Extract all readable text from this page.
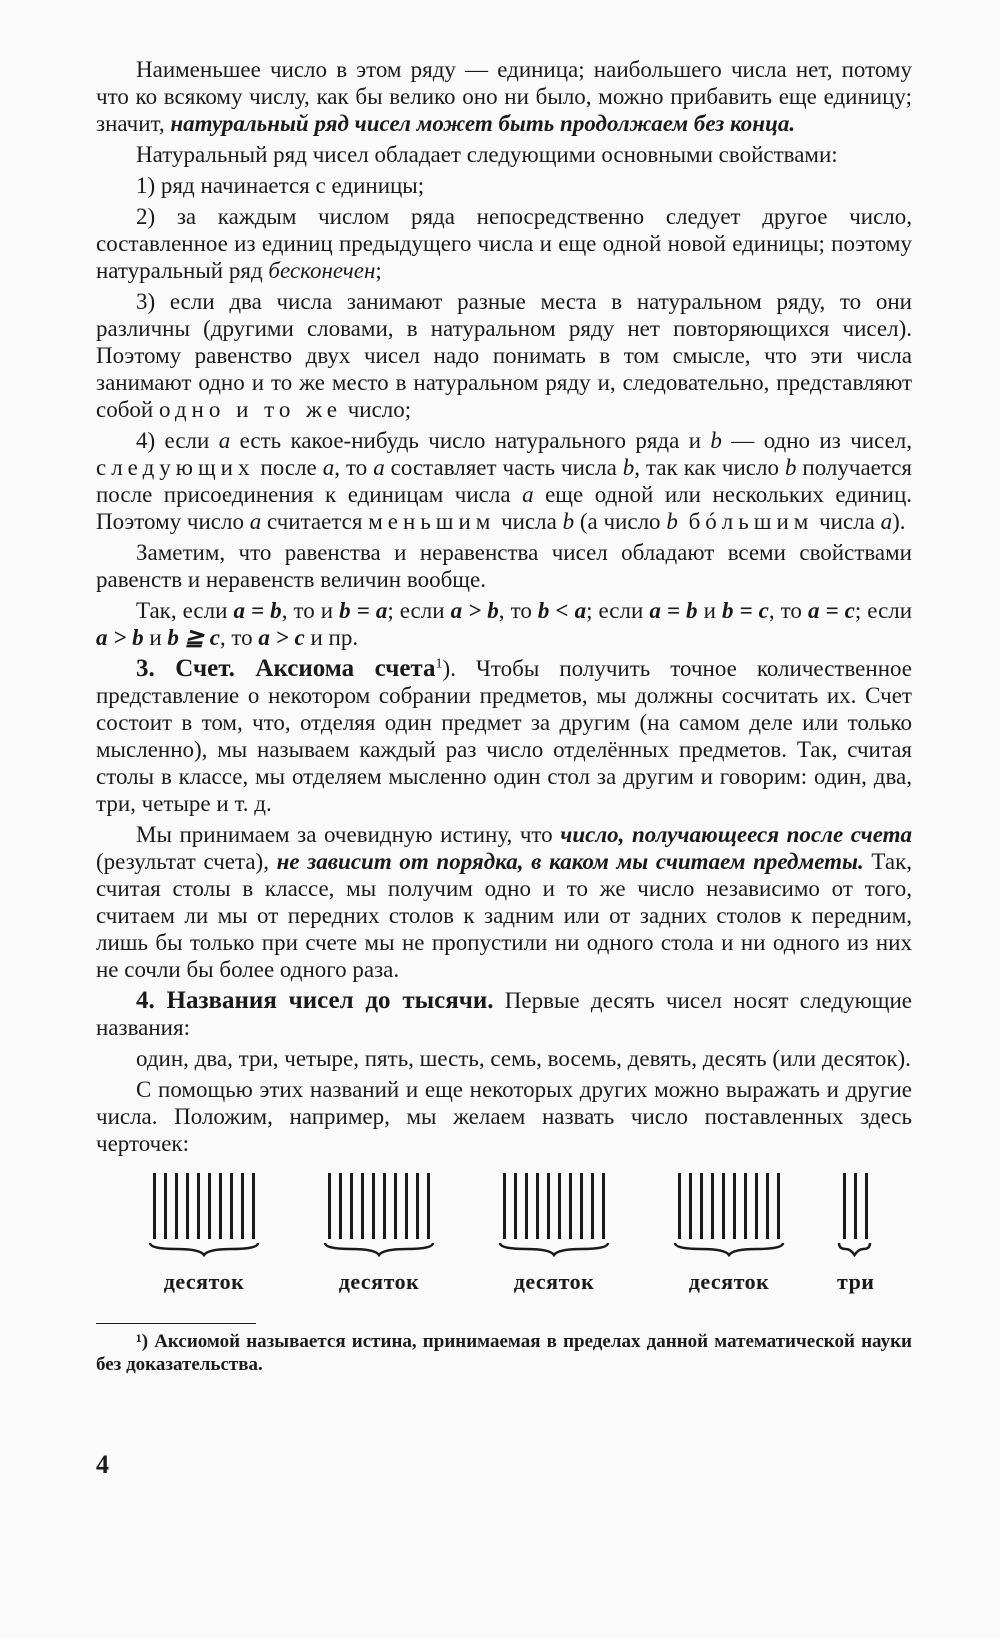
Наименьшее число в этом ряду — единица; наибольшего числа нет, потому что ко всякому числу, как бы велико оно ни было, можно прибавить еще единицу; значит, натуральный ряд чисел может быть продолжаем без конца.

Натуральный ряд чисел обладает следующими основными свойствами:

1) ряд начинается с единицы;

2) за каждым числом ряда непосредственно следует другое число, составленное из единиц предыдущего числа и еще одной новой единицы; поэтому натуральный ряд бесконечен;

3) если два числа занимают разные места в натуральном ряду, то они различны (другими словами, в натуральном ряду нет повторяющихся чисел). Поэтому равенство двух чисел надо понимать в том смысле, что эти числа занимают одно и то же место в натуральном ряду и, следовательно, представляют собой одно и то же число;

4) если a есть какое-нибудь число натурального ряда и b — одно из чисел, следующих после a, то a составляет часть числа b, так как число b получается после присоединения к единицам числа a еще одной или нескольких единиц. Поэтому число a считается меньшим числа b (а число b бóльшим числа a).

Заметим, что равенства и неравенства чисел обладают всеми свойствами равенств и неравенств величин вообще.

Так, если a = b, то и b = a; если a > b, то b < a; если a = b и b = c, то a = c; если a > b и b ≧ c, то a > c и пр.

3. Счет. Аксиома счета$^1$). Чтобы получить точное количественное представление о некотором собрании предметов, мы должны сосчитать их. Счет состоит в том, что, отделяя один предмет за другим (на самом деле или только мысленно), мы называем каждый раз число отделённых предметов. Так, считая столы в классе, мы отделяем мысленно один стол за другим и говорим: один, два, три, четыре и т. д.

Мы принимаем за очевидную истину, что число, получающееся после счета (результат счета), не зависит от порядка, в каком мы считаем предметы. Так, считая столы в классе, мы получим одно и то же число независимо от того, считаем ли мы от передних столов к задним или от задних столов к передним, лишь бы только при счете мы не пропустили ни одного стола и ни одного из них не сочли бы более одного раза.

4. Названия чисел до тысячи. Первые десять чисел носят следующие названия:

один, два, три, четыре, пять, шесть, семь, восемь, девять, десять (или десяток).

С помощью этих названий и еще некоторых других можно выражать и другие числа. Положим, например, мы желаем назвать число поставленных здесь черточек:

десяток	десяток	десяток	десяток	три
¹) Аксиомой называется истина, принимаемая в пределах данной математической науки без доказательства.
4
